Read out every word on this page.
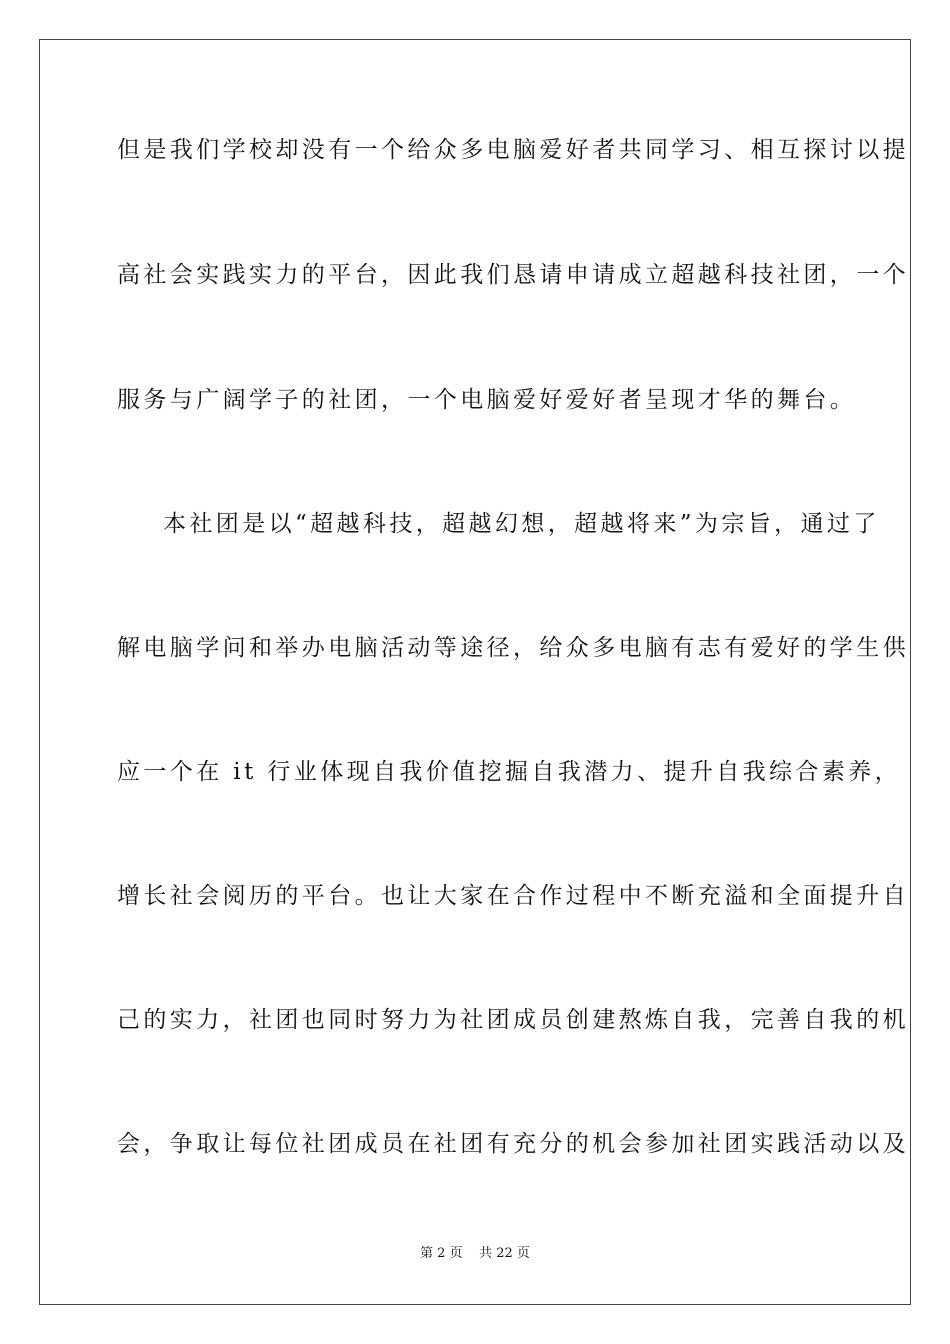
但是我们学校却没有一个给众多电脑爱好者共同学习、相互探讨以提
高社会实践实力的平台，因此我们恳请申请成立超越科技社团，一个
服务与广阔学子的社团，一个电脑爱好爱好者呈现才华的舞台。
本社团是以“超越科技，超越幻想，超越将来”为宗旨，通过了
解电脑学问和举办电脑活动等途径，给众多电脑有志有爱好的学生供
应一个在 it 行业体现自我价值挖掘自我潜力、提升自我综合素养，
增长社会阅历的平台。也让大家在合作过程中不断充溢和全面提升自
己的实力，社团也同时努力为社团成员创建熬炼自我，完善自我的机
会，争取让每位社团成员在社团有充分的机会参加社团实践活动以及
第 2 页 共 22 页
